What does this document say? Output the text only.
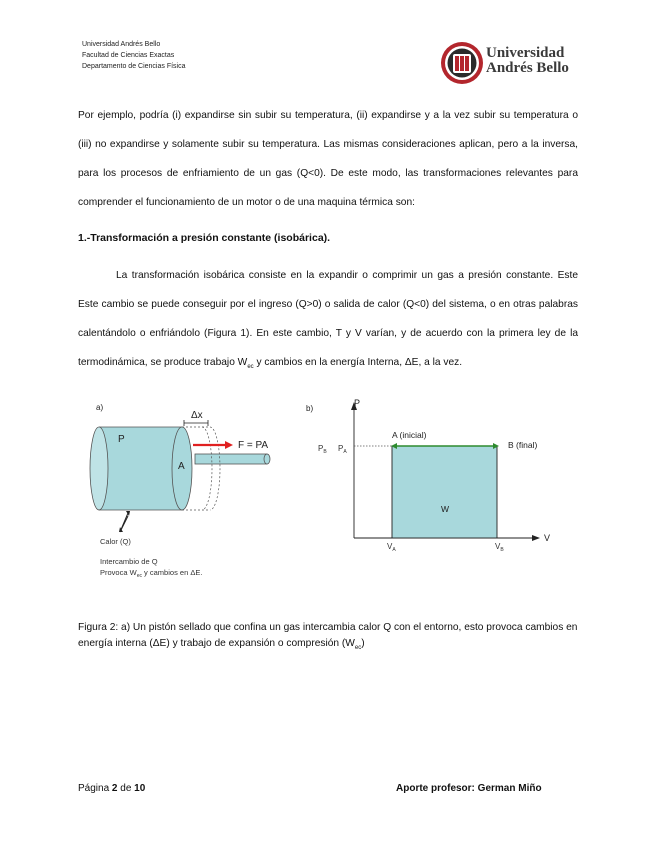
Universidad Andrés Bello
Facultad de Ciencias Exactas
Departamento de Ciencias Física
Universidad
Andrés Bello
Por ejemplo, podría (i) expandirse sin subir su temperatura, (ii) expandirse y a la vez subir su temperatura o (iii) no expandirse y solamente subir su temperatura. Las mismas consideraciones aplican, pero a la inversa, para los procesos de enfriamiento de un gas (Q<0). De este modo, las transformaciones relevantes para comprender el funcionamiento de un motor o de una maquina térmica son:
1.-Transformación a presión constante (isobárica).
La transformación isobárica consiste en la expandir o comprimir un gas a presión constante. Este Este cambio se puede conseguir por el ingreso (Q>0) o salida de calor (Q<0) del sistema, o en otras palabras calentándolo o enfriándolo (Figura 1). En este cambio, T y V varían, y de acuerdo con la primera ley de la termodinámica, se produce trabajo $W_{ec}$ y cambios en la energía Interna, ΔE, a la vez.
a)
Δx
P
A
F = PA
Calor (Q)
Intercambio de Q
Provoca $W_{ec}$ y cambios en ΔE.
b)
P
V
$P_B$ $P_A$
A (inicial)
B (final)
W
$V_A$	$V_B$
Figura 2: a) Un pistón sellado que confina un gas intercambia calor Q con el entorno, esto provoca cambios en energía interna (ΔE) y trabajo de expansión o compresión $(W_{ec})$
Página 2 de 10	Aporte profesor: German Miño
